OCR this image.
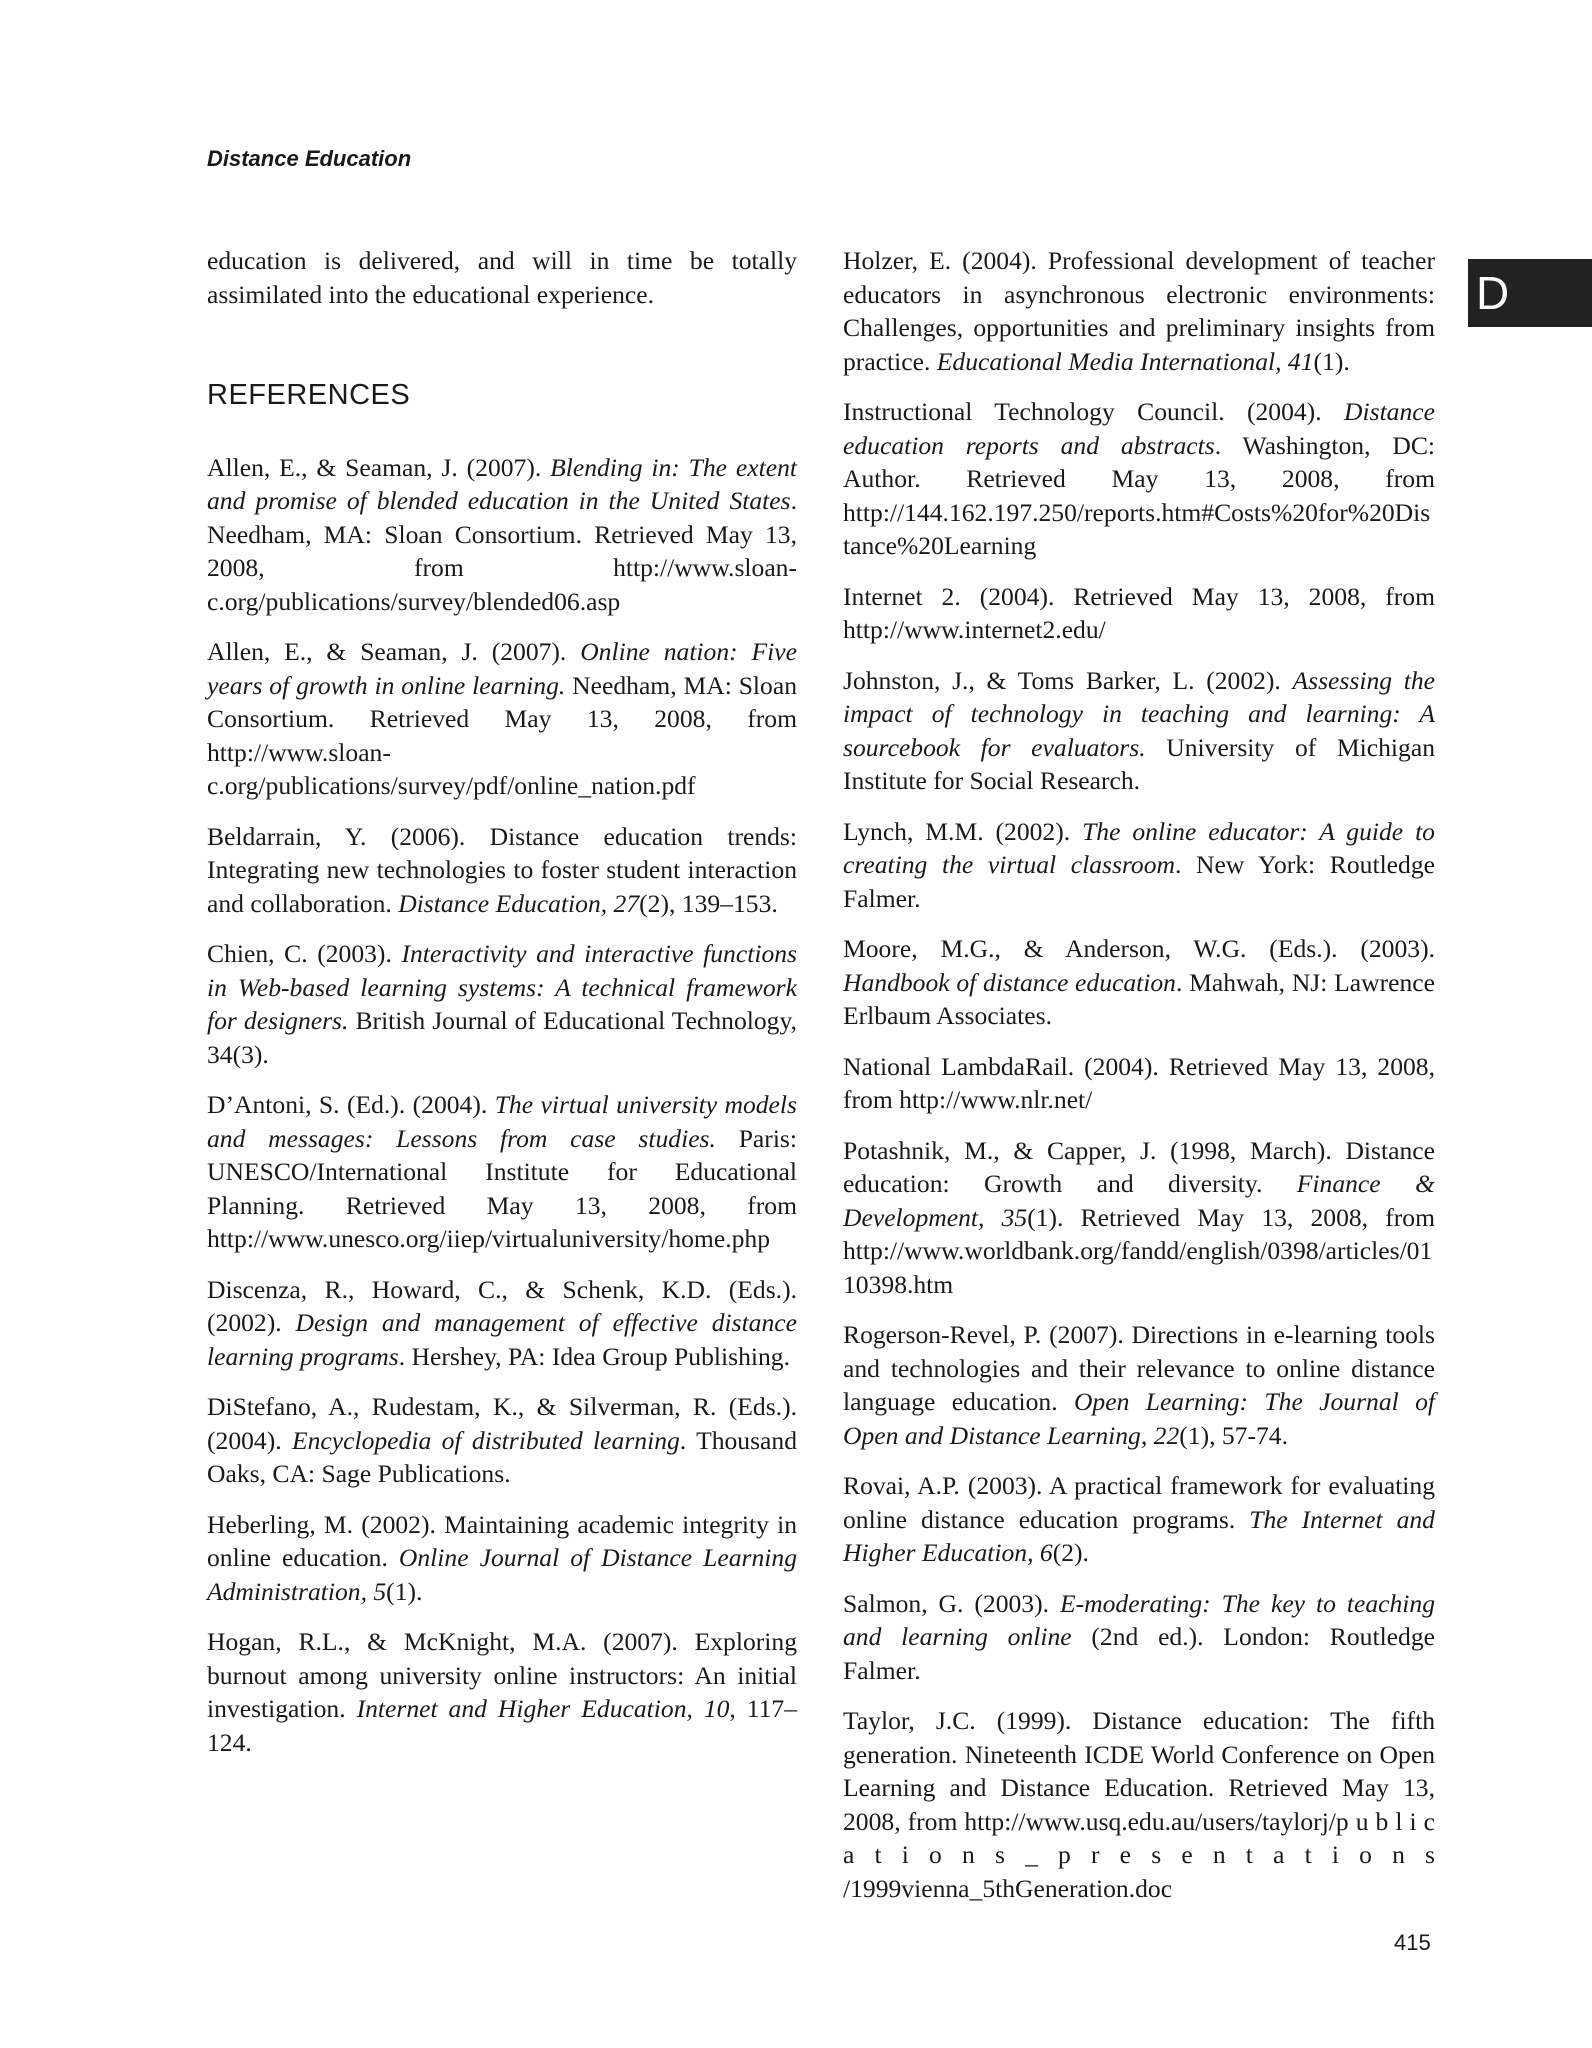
Distance Education
D

education is delivered, and will in time be totally assimilated into the educational experience.

REFERENCES

Allen, E., & Seaman, J. (2007). Blending in: The extent and promise of blended education in the United States. Needham, MA: Sloan Consortium. Retrieved May 13, 2008, from http://www.sloan-c.org/publications/survey/blended06.asp

Allen, E., & Seaman, J. (2007). Online nation: Five years of growth in online learning. Needham, MA: Sloan Consortium. Retrieved May 13, 2008, from http://www.sloan-c.org/publications/survey/pdf/online_nation.pdf

Beldarrain, Y. (2006). Distance education trends: Integrating new technologies to foster student interaction and collaboration. Distance Education, 27(2), 139–153.

Chien, C. (2003). Interactivity and interactive functions in Web-based learning systems: A technical framework for designers. British Journal of Educational Technology, 34(3).

D’Antoni, S. (Ed.). (2004). The virtual university models and messages: Lessons from case studies. Paris: UNESCO/International Institute for Educational Planning. Retrieved May 13, 2008, from http://www.unesco.org/iiep/virtualuniversity/home.php

Discenza, R., Howard, C., & Schenk, K.D. (Eds.). (2002). Design and management of effective distance learning programs. Hershey, PA: Idea Group Publishing.

DiStefano, A., Rudestam, K., & Silverman, R. (Eds.). (2004). Encyclopedia of distributed learning. Thousand Oaks, CA: Sage Publications.

Heberling, M. (2002). Maintaining academic integrity in online education. Online Journal of Distance Learning Administration, 5(1).

Hogan, R.L., & McKnight, M.A. (2007). Exploring burnout among university online instructors: An initial investigation. Internet and Higher Education, 10, 117–124.

Holzer, E. (2004). Professional development of teacher educators in asynchronous electronic environments: Challenges, opportunities and preliminary insights from practice. Educational Media International, 41(1).

Instructional Technology Council. (2004). Distance education reports and abstracts. Washington, DC: Author. Retrieved May 13, 2008, from http://144.162.197.250/reports.htm#Costs%20for%20Distance%20Learning

Internet 2. (2004). Retrieved May 13, 2008, from http://www.internet2.edu/

Johnston, J., & Toms Barker, L. (2002). Assessing the impact of technology in teaching and learning: A sourcebook for evaluators. University of Michigan Institute for Social Research.

Lynch, M.M. (2002). The online educator: A guide to creating the virtual classroom. New York: Routledge Falmer.

Moore, M.G., & Anderson, W.G. (Eds.). (2003). Handbook of distance education. Mahwah, NJ: Lawrence Erlbaum Associates.

National LambdaRail. (2004). Retrieved May 13, 2008, from http://www.nlr.net/

Potashnik, M., & Capper, J. (1998, March). Distance education: Growth and diversity. Finance & Development, 35(1). Retrieved May 13, 2008, from http://www.worldbank.org/fandd/english/0398/articles/0110398.htm

Rogerson-Revel, P. (2007). Directions in e-learning tools and technologies and their relevance to online distance language education. Open Learning: The Journal of Open and Distance Learning, 22(1), 57-74.

Rovai, A.P. (2003). A practical framework for evaluating online distance education programs. The Internet and Higher Education, 6(2).

Salmon, G. (2003). E-moderating: The key to teaching and learning online (2nd ed.). London: Routledge Falmer.

Taylor, J.C. (1999). Distance education: The fifth generation. Nineteenth ICDE World Conference on Open Learning and Distance Education. Retrieved May 13, 2008, from http://www.usq.edu.au/users/taylorj/p u b l i c a t i o n s _ p r e s e n t a t i o n s /1999vienna_5thGeneration.doc

415
